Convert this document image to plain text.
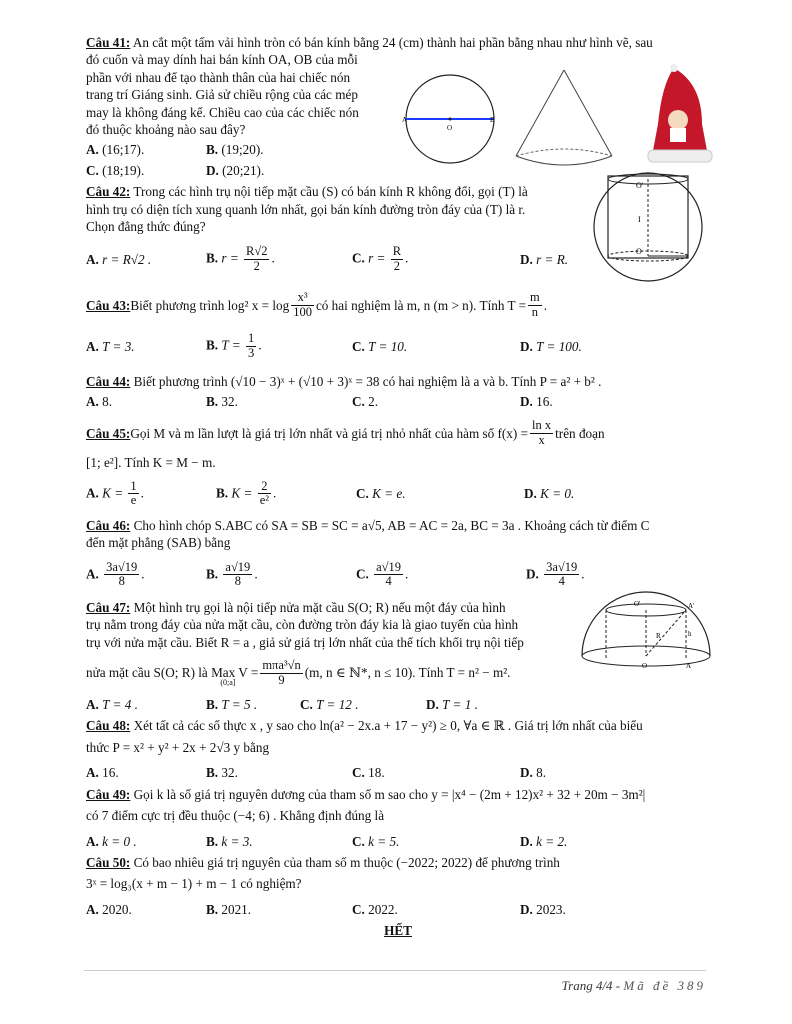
Câu 41: An cắt một tấm vải hình tròn có bán kính bằng 24 (cm) thành hai phần bằng nhau như hình vẽ, sau
đó cuốn và may dính hai bán kính OA, OB của mỗi
phần với nhau để tạo thành thân của hai chiếc nón
trang trí Giáng sinh. Giả sử chiều rộng của các mép
may là không đáng kể. Chiều cao của các chiếc nón
đó thuộc khoảng nào sau đây?
A. (16;17).	B. (19;20).
C. (18;19).	D. (20;21).
Câu 42: Trong các hình trụ nội tiếp mặt cầu (S) có bán kính R không đổi, gọi (T) là
hình trụ có diện tích xung quanh lớn nhất, gọi bán kính đường tròn đáy của (T) là r.
Chọn đẳng thức đúng?
A. r = R√2 .	B. $r = \frac{R√2}{2}$ .	C. $r = \frac{R}{2}$ .	D. r = R.
Câu 43: Biết phương trình log² $x = \log \frac{\text{x³}}{100}$ có hai nghiệm là m, n (m > n). Tính $T = \frac{m}{n}$ .
A. T = 3.	B. $T = \frac{1}{3}$ .	C. T = 10.	D. T = 100.
Câu 44: Biết phương trình (√10 − 3)ˣ + (√10 + 3)ˣ = 38 có hai nghiệm là a và b. Tính P = a² + b² .
A. 8.	B. 32.	C. 2.	D. 16.
Câu 45: Gọi M và m lần lượt là giá trị lớn nhất và giá trị nhỏ nhất của hàm số $f(x) = \frac{\text{ln x}}{x}$ trên đoạn
[1; e²]. Tính K = M − m.
A. $K = \frac{1}{e}$ .	B. $K = \frac{2}{\text{e²}}$ .	C. K = e.	D. K = 0.
Câu 46: Cho hình chóp S.ABC có SA = SB = SC = a√5, AB = AC = 2a, BC = 3a . Khoảng cách từ điểm C
đến mặt phẳng (SAB) bằng
A. $\frac{3a√19}{8}$ .	B. $\frac{a√19}{8}$ .	C. $\frac{a√19}{4}$ .	D. $\frac{3a√19}{4}$ .
Câu 47: Một hình trụ gọi là nội tiếp nửa mặt cầu S(O; R) nếu một đáy của hình
trụ nằm trong đáy của nửa mặt cầu, còn đường tròn đáy kia là giao tuyến của hình
trụ với nửa mặt cầu. Biết R = a , giả sử giá trị lớn nhất của thể tích khối trụ nội tiếp
nửa mặt cầu S(O; R) là Max V =
(0;a] $\frac{\text{mπa³√n}}{9} (m$, n ∈ ℕ*, n ≤ 10). Tính T = n² − m².
A. T = 4 .	B. T = 5 .	C. T = 12 .	D. T = 1 .
Câu 48: Xét tất cả các số thực x , y sao cho ln(a² − 2x.a + 17 − y²) ≥ 0, ∀a ∈ ℝ . Giá trị lớn nhất của biểu
thức P = x² + y² + 2x + 2√3 y bằng
A. 16.	B. 32.	C. 18.	D. 8.
Câu 49: Gọi k là số giá trị nguyên dương của tham số m sao cho y = |x⁴ − (2m + 12)x² + 32 + 20m − 3m²|
có 7 điểm cực trị đều thuộc (−4; 6) . Khẳng định đúng là
A. k = 0 .	B. k = 3.	C. k = 5.	D. k = 2.
Câu 50: Có bao nhiêu giá trị nguyên của tham số m thuộc (−2022; 2022) để phương trình
3ˣ = log₃(x + m − 1) + m − 1 có nghiệm?
A. 2020.	B. 2021.	C. 2022.	D. 2023.
HẾT
A
O
B
O'
I
O
O'	A'
R	h
O	A
Trang 4/4 - Mã đề 389
